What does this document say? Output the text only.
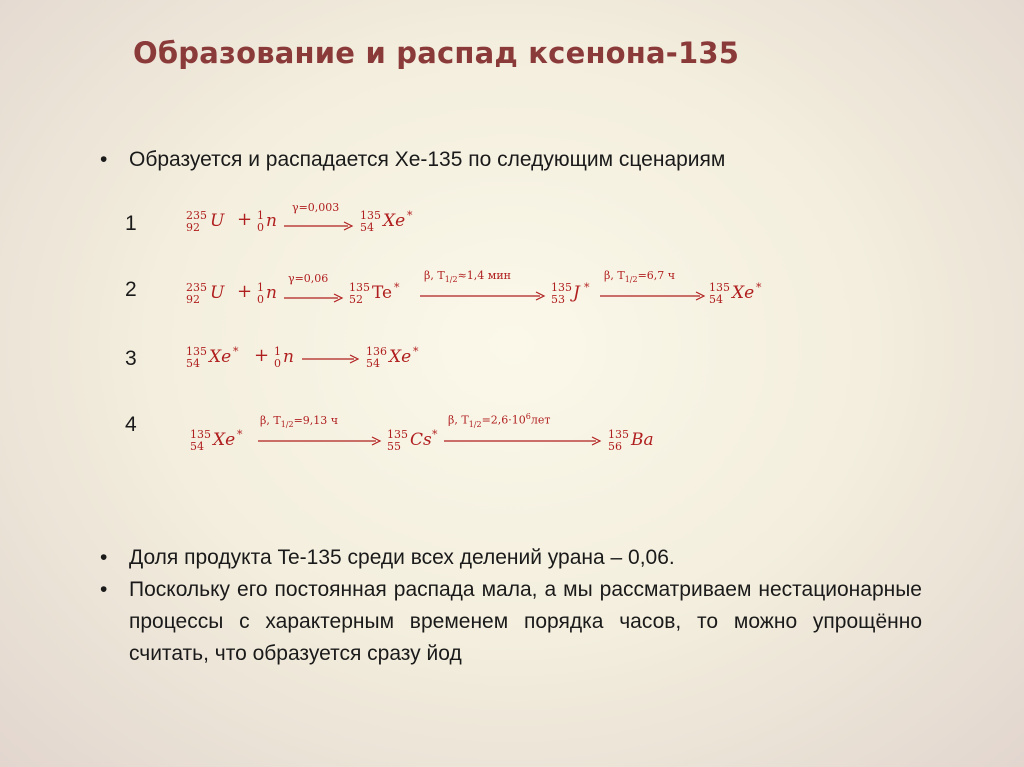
Образование и распад ксенона-135
• Образуется и распадается Xe-135 по следующим сценариям
1	235
92 U + 1
0 n
γ=0,003
135
54 Xe *
2	235
92 U + 1
0 n
γ=0,06
135
52 Te *
β, $T_{1/2}\approx 1,4$ мин
135
53 J *
β, $T_{1/2}=6,7$ ч
135
54 Xe *
3	135
54 Xe * + 1
0 n →
136
54 Xe *
4	135
54 Xe *
β, $T_{1/2}=9,13$ ч
135
55 Cs *
β, $T_{1/2}=2,6\cdot 10^6лет$
135
56 Ba
• Доля продукта Te-135 среди всех делений урана – 0,06.
• Поскольку его постоянная распада мала, а мы рассматриваем нестационарные процессы с характерным временем порядка часов, то можно упрощённо считать, что образуется сразу йод
